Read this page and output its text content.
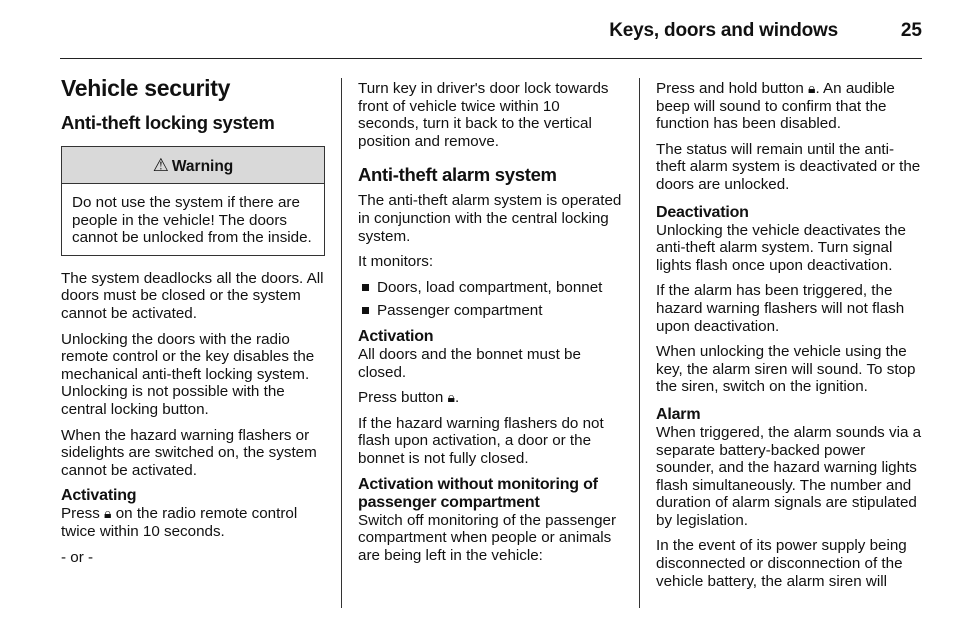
Keys, doors and windows	25
Vehicle security
Anti-theft locking system
⚠ Warning
Do not use the system if there are people in the vehicle! The doors cannot be unlocked from the inside.

The system deadlocks all the doors. All doors must be closed or the system cannot be activated.

Unlocking the doors with the radio remote control or the key disables the mechanical anti-theft locking system. Unlocking is not possible with the central locking button.

When the hazard warning flashers or sidelights are switched on, the system cannot be activated.

Activating

Press 🔒︎ on the radio remote control twice within 10 seconds.

- or -

Turn key in driver's door lock towards front of vehicle twice within 10 seconds, turn it back to the vertical position and remove.

Anti-theft alarm system

The anti-theft alarm system is operated in conjunction with the central locking system.

It monitors:

Doors, load compartment, bonnet
Passenger compartment
Activation

All doors and the bonnet must be closed.

Press button 🔒︎.

If the hazard warning flashers do not flash upon activation, a door or the bonnet is not fully closed.

Activation without monitoring of passenger compartment

Switch off monitoring of the passenger compartment when people or animals are being left in the vehicle:

Press and hold button 🔒︎. An audible beep will sound to confirm that the function has been disabled.

The status will remain until the anti-theft alarm system is deactivated or the doors are unlocked.

Deactivation

Unlocking the vehicle deactivates the anti-theft alarm system. Turn signal lights flash once upon deactivation.

If the alarm has been triggered, the hazard warning flashers will not flash upon deactivation.

When unlocking the vehicle using the key, the alarm siren will sound. To stop the siren, switch on the ignition.

Alarm

When triggered, the alarm sounds via a separate battery-backed power sounder, and the hazard warning lights flash simultaneously. The number and duration of alarm signals are stipulated by legislation.

In the event of its power supply being disconnected or disconnection of the vehicle battery, the alarm siren will
